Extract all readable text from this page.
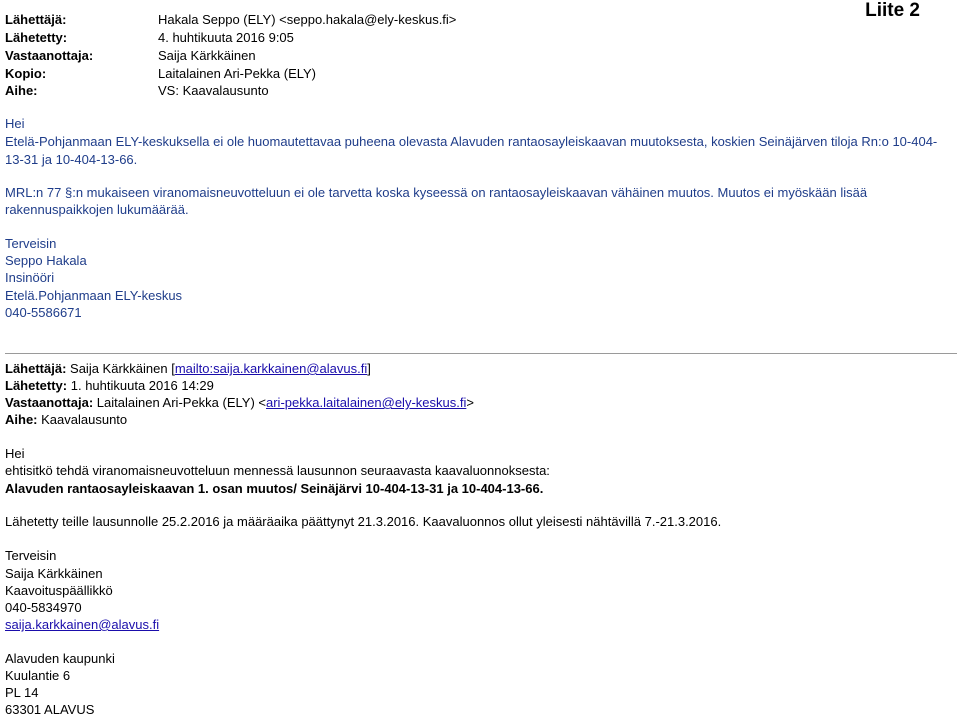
Liite 2
Lähettäjä:	Hakala Seppo (ELY) <seppo.hakala@ely-keskus.fi>
Lähetetty:	4. huhtikuuta 2016 9:05
Vastaanottaja:	Saija Kärkkäinen
Kopio:	Laitalainen Ari-Pekka (ELY)
Aihe:	VS: Kaavalausunto
Hei
Etelä-Pohjanmaan ELY-keskuksella ei ole huomautettavaa puheena olevasta Alavuden rantaosayleiskaavan muutoksesta, koskien Seinäjärven tiloja Rn:o 10-404-
13-31 ja 10-404-13-66.
MRL:n 77 §:n mukaiseen viranomaisneuvotteluun ei ole tarvetta koska kyseessä on rantaosayleiskaavan vähäinen muutos. Muutos ei myöskään lisää
rakennuspaikkojen lukumäärää.
Terveisin
Seppo Hakala
Insinööri
Etelä.Pohjanmaan ELY-keskus
040-5586671
Lähettäjä: Saija Kärkkäinen [mailto:saija.karkkainen@alavus.fi]
Lähetetty: 1. huhtikuuta 2016 14:29
Vastaanottaja: Laitalainen Ari-Pekka (ELY) <ari-pekka.laitalainen@ely-keskus.fi>
Aihe: Kaavalausunto
Hei
ehtisitkö tehdä viranomaisneuvotteluun mennessä lausunnon seuraavasta kaavaluonnoksesta:
Alavuden rantaosayleiskaavan 1. osan muutos/ Seinäjärvi 10-404-13-31 ja 10-404-13-66.
Lähetetty teille lausunnolle 25.2.2016 ja määräaika päättynyt 21.3.2016. Kaavaluonnos ollut yleisesti nähtävillä 7.-21.3.2016.
Terveisin
Saija Kärkkäinen
Kaavoituspäällikkö
040-5834970
saija.karkkainen@alavus.fi
Alavuden kaupunki
Kuulantie 6
PL 14
63301 ALAVUS
